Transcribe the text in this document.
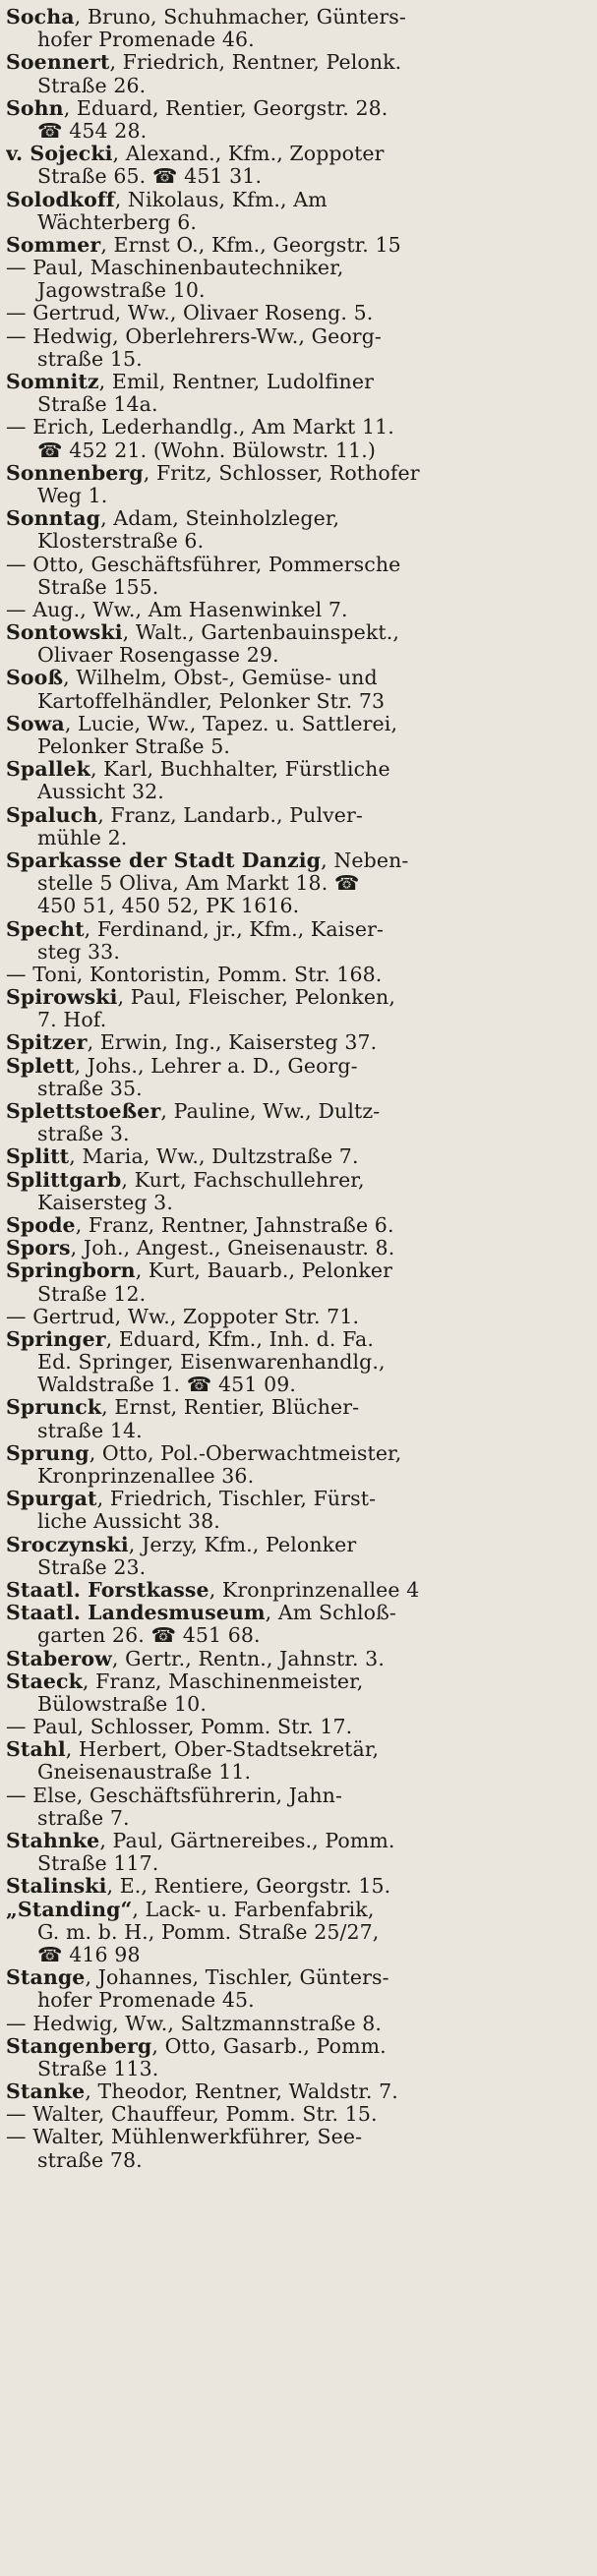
Socha, Bruno, Schuhmacher, Günters-
hofer Promenade 46.
Soennert, Friedrich, Rentner, Pelonk.
Straße 26.
Sohn, Eduard, Rentier, Georgstr. 28.
☎ 454 28.
v. Sojecki, Alexand., Kfm., Zoppoter
Straße 65. ☎ 451 31.
Solodkoff, Nikolaus, Kfm., Am
Wächterberg 6.
Sommer, Ernst O., Kfm., Georgstr. 15
— Paul, Maschinenbautechniker,
Jagowstraße 10.
— Gertrud, Ww., Olivaer Roseng. 5.
— Hedwig, Oberlehrers-Ww., Georg-
straße 15.
Somnitz, Emil, Rentner, Ludolfiner
Straße 14a.
— Erich, Lederhandlg., Am Markt 11.
☎ 452 21. (Wohn. Bülowstr. 11.)
Sonnenberg, Fritz, Schlosser, Rothofer
Weg 1.
Sonntag, Adam, Steinholzleger,
Klosterstraße 6.
— Otto, Geschäftsführer, Pommersche
Straße 155.
— Aug., Ww., Am Hasenwinkel 7.
Sontowski, Walt., Gartenbauinspekt.,
Olivaer Rosengasse 29.
Sooß, Wilhelm, Obst-, Gemüse- und
Kartoffelhändler, Pelonker Str. 73
Sowa, Lucie, Ww., Tapez. u. Sattlerei,
Pelonker Straße 5.
Spallek, Karl, Buchhalter, Fürstliche
Aussicht 32.
Spaluch, Franz, Landarb., Pulver-
mühle 2.
Sparkasse der Stadt Danzig, Neben-
stelle 5 Oliva, Am Markt 18. ☎
450 51, 450 52, PK 1616.
Specht, Ferdinand, jr., Kfm., Kaiser-
steg 33.
— Toni, Kontoristin, Pomm. Str. 168.
Spirowski, Paul, Fleischer, Pelonken,
7. Hof.
Spitzer, Erwin, Ing., Kaisersteg 37.
Splett, Johs., Lehrer a. D., Georg-
straße 35.
Splettstoeßer, Pauline, Ww., Dultz-
straße 3.
Splitt, Maria, Ww., Dultzstraße 7.
Splittgarb, Kurt, Fachschullehrer,
Kaisersteg 3.
Spode, Franz, Rentner, Jahnstraße 6.
Spors, Joh., Angest., Gneisenaustr. 8.
Springborn, Kurt, Bauarb., Pelonker
Straße 12.
— Gertrud, Ww., Zoppoter Str. 71.
Springer, Eduard, Kfm., Inh. d. Fa.
Ed. Springer, Eisenwarenhandlg.,
Waldstraße 1. ☎ 451 09.
Sprunck, Ernst, Rentier, Blücher-
straße 14.
Sprung, Otto, Pol.-Oberwachtmeister,
Kronprinzenallee 36.
Spurgat, Friedrich, Tischler, Fürst-
liche Aussicht 38.
Sroczynski, Jerzy, Kfm., Pelonker
Straße 23.
Staatl. Forstkasse, Kronprinzenallee 4
Staatl. Landesmuseum, Am Schloß-
garten 26. ☎ 451 68.
Staberow, Gertr., Rentn., Jahnstr. 3.
Staeck, Franz, Maschinenmeister,
Bülowstraße 10.
— Paul, Schlosser, Pomm. Str. 17.
Stahl, Herbert, Ober-Stadtsekretär,
Gneisenaustraße 11.
— Else, Geschäftsführerin, Jahn-
straße 7.
Stahnke, Paul, Gärtnereibes., Pomm.
Straße 117.
Stalinski, E., Rentiere, Georgstr. 15.
„Standing“, Lack- u. Farbenfabrik,
G. m. b. H., Pomm. Straße 25/27,
☎ 416 98
Stange, Johannes, Tischler, Günters-
hofer Promenade 45.
— Hedwig, Ww., Saltzmannstraße 8.
Stangenberg, Otto, Gasarb., Pomm.
Straße 113.
Stanke, Theodor, Rentner, Waldstr. 7.
— Walter, Chauffeur, Pomm. Str. 15.
— Walter, Mühlenwerkführer, See-
straße 78.
